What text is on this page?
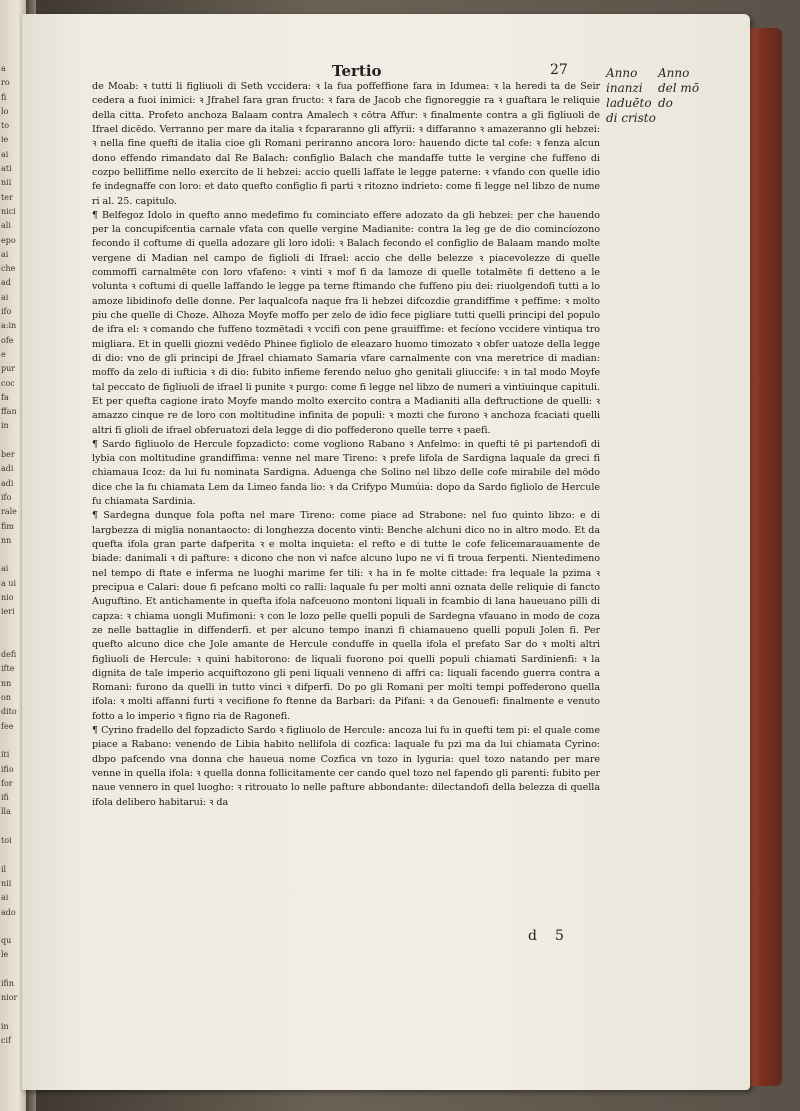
a
ro
fi
lo
to
ie
ai
ati
nii
ter
nici
ali
epo
ai
che
ad
ai
ifo
a:in
ofe
e
pur
coc
fa
ffan
in

ber
adi
adi
ifo
rale
fim
nn

ai
a ui
nio
ieri

defi
ifte
nn
on
dito
fee

iti
ifio
for
ifi
lla

toi

il
nii
ai
ado

qu
le

ifin
nior

in
cif
Tertio	27	Anno
inanzi
laduēto
di cristo
Anno
del mō
do

de Moab: ꝛ tutti li figliuoli di Seth vccidera: ꝛ la fua poffeffione fara in Idumea: ꝛ la heredi ta de Seir cedera a fuoi inimici: ꝛ Jfrahel fara gran fructo: ꝛ fara de Jacob che fignoreggie ra ꝛ guaftara le reliquie della citta. Profeto anchoza Balaam contra Amalech ꝛ cōtra Affur: ꝛ finalmente contra a gli figliuoli de Ifrael dicēdo. Verranno per mare da italia ꝛ fcpararanno gli affyrii: ꝛ diffaranno ꝛ amazeranno gli hebzei: ꝛ nella fine quefti de italia cioe gli Romani periranno ancora loro: hauendo dicte tal cofe: ꝛ fenza alcun dono effendo rimandato dal Re Balach: configlio Balach che mandaffe tutte le vergine che fuffeno di cozpo belliffime nello exercito de li hebzei: accio quelli laffate le legge paterne: ꝛ vfando con quelle idio fe indegnaffe con loro: et dato quefto configlio fi parti ꝛ ritozno indrieto: come fi legge nel libzo de nume ri al. 25. capitulo.

¶ Belfegoz Idolo in quefto anno medefimo fu cominciato effere adozato da gli hebzei: per che hauendo per la concupifcentia carnale vfata con quelle vergine Madianite: contra la leg ge de dio comincíozono fecondo il coftume di quella adozare gli loro idoli: ꝛ Balach fecondo el configlio de Balaam mando molte vergene di Madian nel campo de figlioli di Ifrael: accio che delle belezze ꝛ piacevolezze di quelle commoffi carnalmēte con loro vfafeno: ꝛ vinti ꝛ mof fi da lamoze di quelle totalmēte fi detteno a le volunta ꝛ coftumi di quelle laffando le legge pa terne ftimando che fuffeno piu dei: riuolgendofi tutti a lo amoze libidinofo delle donne. Per laqualcofa naque fra li hebzei difcozdie grandiffime ꝛ peffime: ꝛ molto piu che quelle di Choze. Alhoza Moyfe moffo per zelo de idio fece pigliare tutti quelli principi del populo de ifra el: ꝛ comando che fuffeno tozmētadi ꝛ vccifi con pene grauiffime: et fecíono vccidere vintiqua tro migliara. Et in quelli giozni vedēdo Phinee figliolo de eleazaro huomo timozato ꝛ obfer uatoze della legge di dio: vno de gli principi de Jfrael chiamato Samaria vfare carnalmente con vna meretrice di madian: moffo da zelo di iufticia ꝛ di dio: fubito infieme ferendo neluo gho genitali gliuccife: ꝛ in tal modo Moyfe tal peccato de figliuoli de ifrael li punite ꝛ purgo: come fi legge nel libzo de numeri a vintiuinque capituli. Et per quefta cagione irato Moyfe mando molto exercito contra a Madianiti alla deftructione de quelli: ꝛ amazzo cinque re de loro con moltitudine infinita de populi: ꝛ mozti che furono ꝛ anchoza fcaciati quelli altri fi glioli de ifrael obferuatozi dela legge di dio poffederono quelle terre ꝛ paefi.

¶ Sardo figliuolo de Hercule fopzadicto: come vogliono Rabano ꝛ Anfelmo: in quefti tē pi partendofi di lybia con moltitudine grandiffima: venne nel mare Tireno: ꝛ prefe lifola de Sardigna laquale da greci fi chiamaua Icoz: da lui fu nominata Sardigna. Aduenga che Solino nel libzo delle cofe mirabile del mōdo dice che la fu chiamata Lem da Limeo fanda lio: ꝛ da Crifypo Mumúia: dopo da Sardo figliolo de Hercule fu chiamata Sardinia.

¶ Sardegna dunque fola pofta nel mare Tireno: come piace ad Strabone: nel fuo quinto libzo: e di largbezza di miglia nonantaocto: di longhezza docento vinti: Benche alchuni dico no in altro modo. Et da quefta ifola gran parte dafperita ꝛ e molta inquieta: el refto e di tutte le cofe felicemarauamente de biade: danimali ꝛ di pafture: ꝛ dicono che non vi nafce alcuno lupo ne vi fi troua ferpenti. Nientedimeno nel tempo di ftate e inferma ne luoghi marime fer tili: ꝛ ha in fe molte cittade: fra lequale la pzima ꝛ precipua e Calari: doue fi pefcano molti co ralli: laquale fu per molti anni oznata delle reliquie di fancto Auguftino. Et antichamente in quefta ifola nafceuono montoni liquali in fcambio di lana haueuano pilli di capza: ꝛ chiama uongli Mufimoni: ꝛ con le lozo pelle quelli populi de Sardegna vfauano in modo de coza ze nelle battaglie in diffenderfi. et per alcuno tempo inanzi fi chiamaueno quelli populi Jolen fi. Per quefto alcuno dice che Jole amante de Hercule conduffe in quella ifola el prefato Sar do ꝛ molti altri figliuoli de Hercule: ꝛ quini habitorono: de liquali fuorono poi quelli populi chiamati Sardinienfi: ꝛ la dignita de tale imperio acquiftozono gli peni liquali venneno di affri ca: liquali facendo guerra contra a Romani: furono da quelli in tutto vinci ꝛ difperfi. Do po gli Romani per molti tempi poffederono quella ifola: ꝛ molti affanni furti ꝛ vecifione fo ftenne da Barbari: da Pifani: ꝛ da Genouefi: finalmente e venuto fotto a lo imperio ꝛ figno ria de Ragonefi.

¶ Cyrino fradello del fopzadicto Sardo ꝛ figliuolo de Hercule: ancoza lui fu in quefti tem pi: el quale come piace a Rabano: venendo de Libia habito nellifola di cozfica: laquale fu pzi ma da lui chiamata Cyrino: dbpo pafcendo vna donna che haueua nome Cozfica vn tozo in lyguria: quel tozo natando per mare venne in quella ifola: ꝛ quella donna follicitamente cer cando quel tozo nel fapendo gli parenti: fubito per naue vennero in quel luogho: ꝛ ritrouato lo nelle pafture abbondante: dilectandofi della belezza di quella ifola delibero habitarui: ꝛ da

d 5
